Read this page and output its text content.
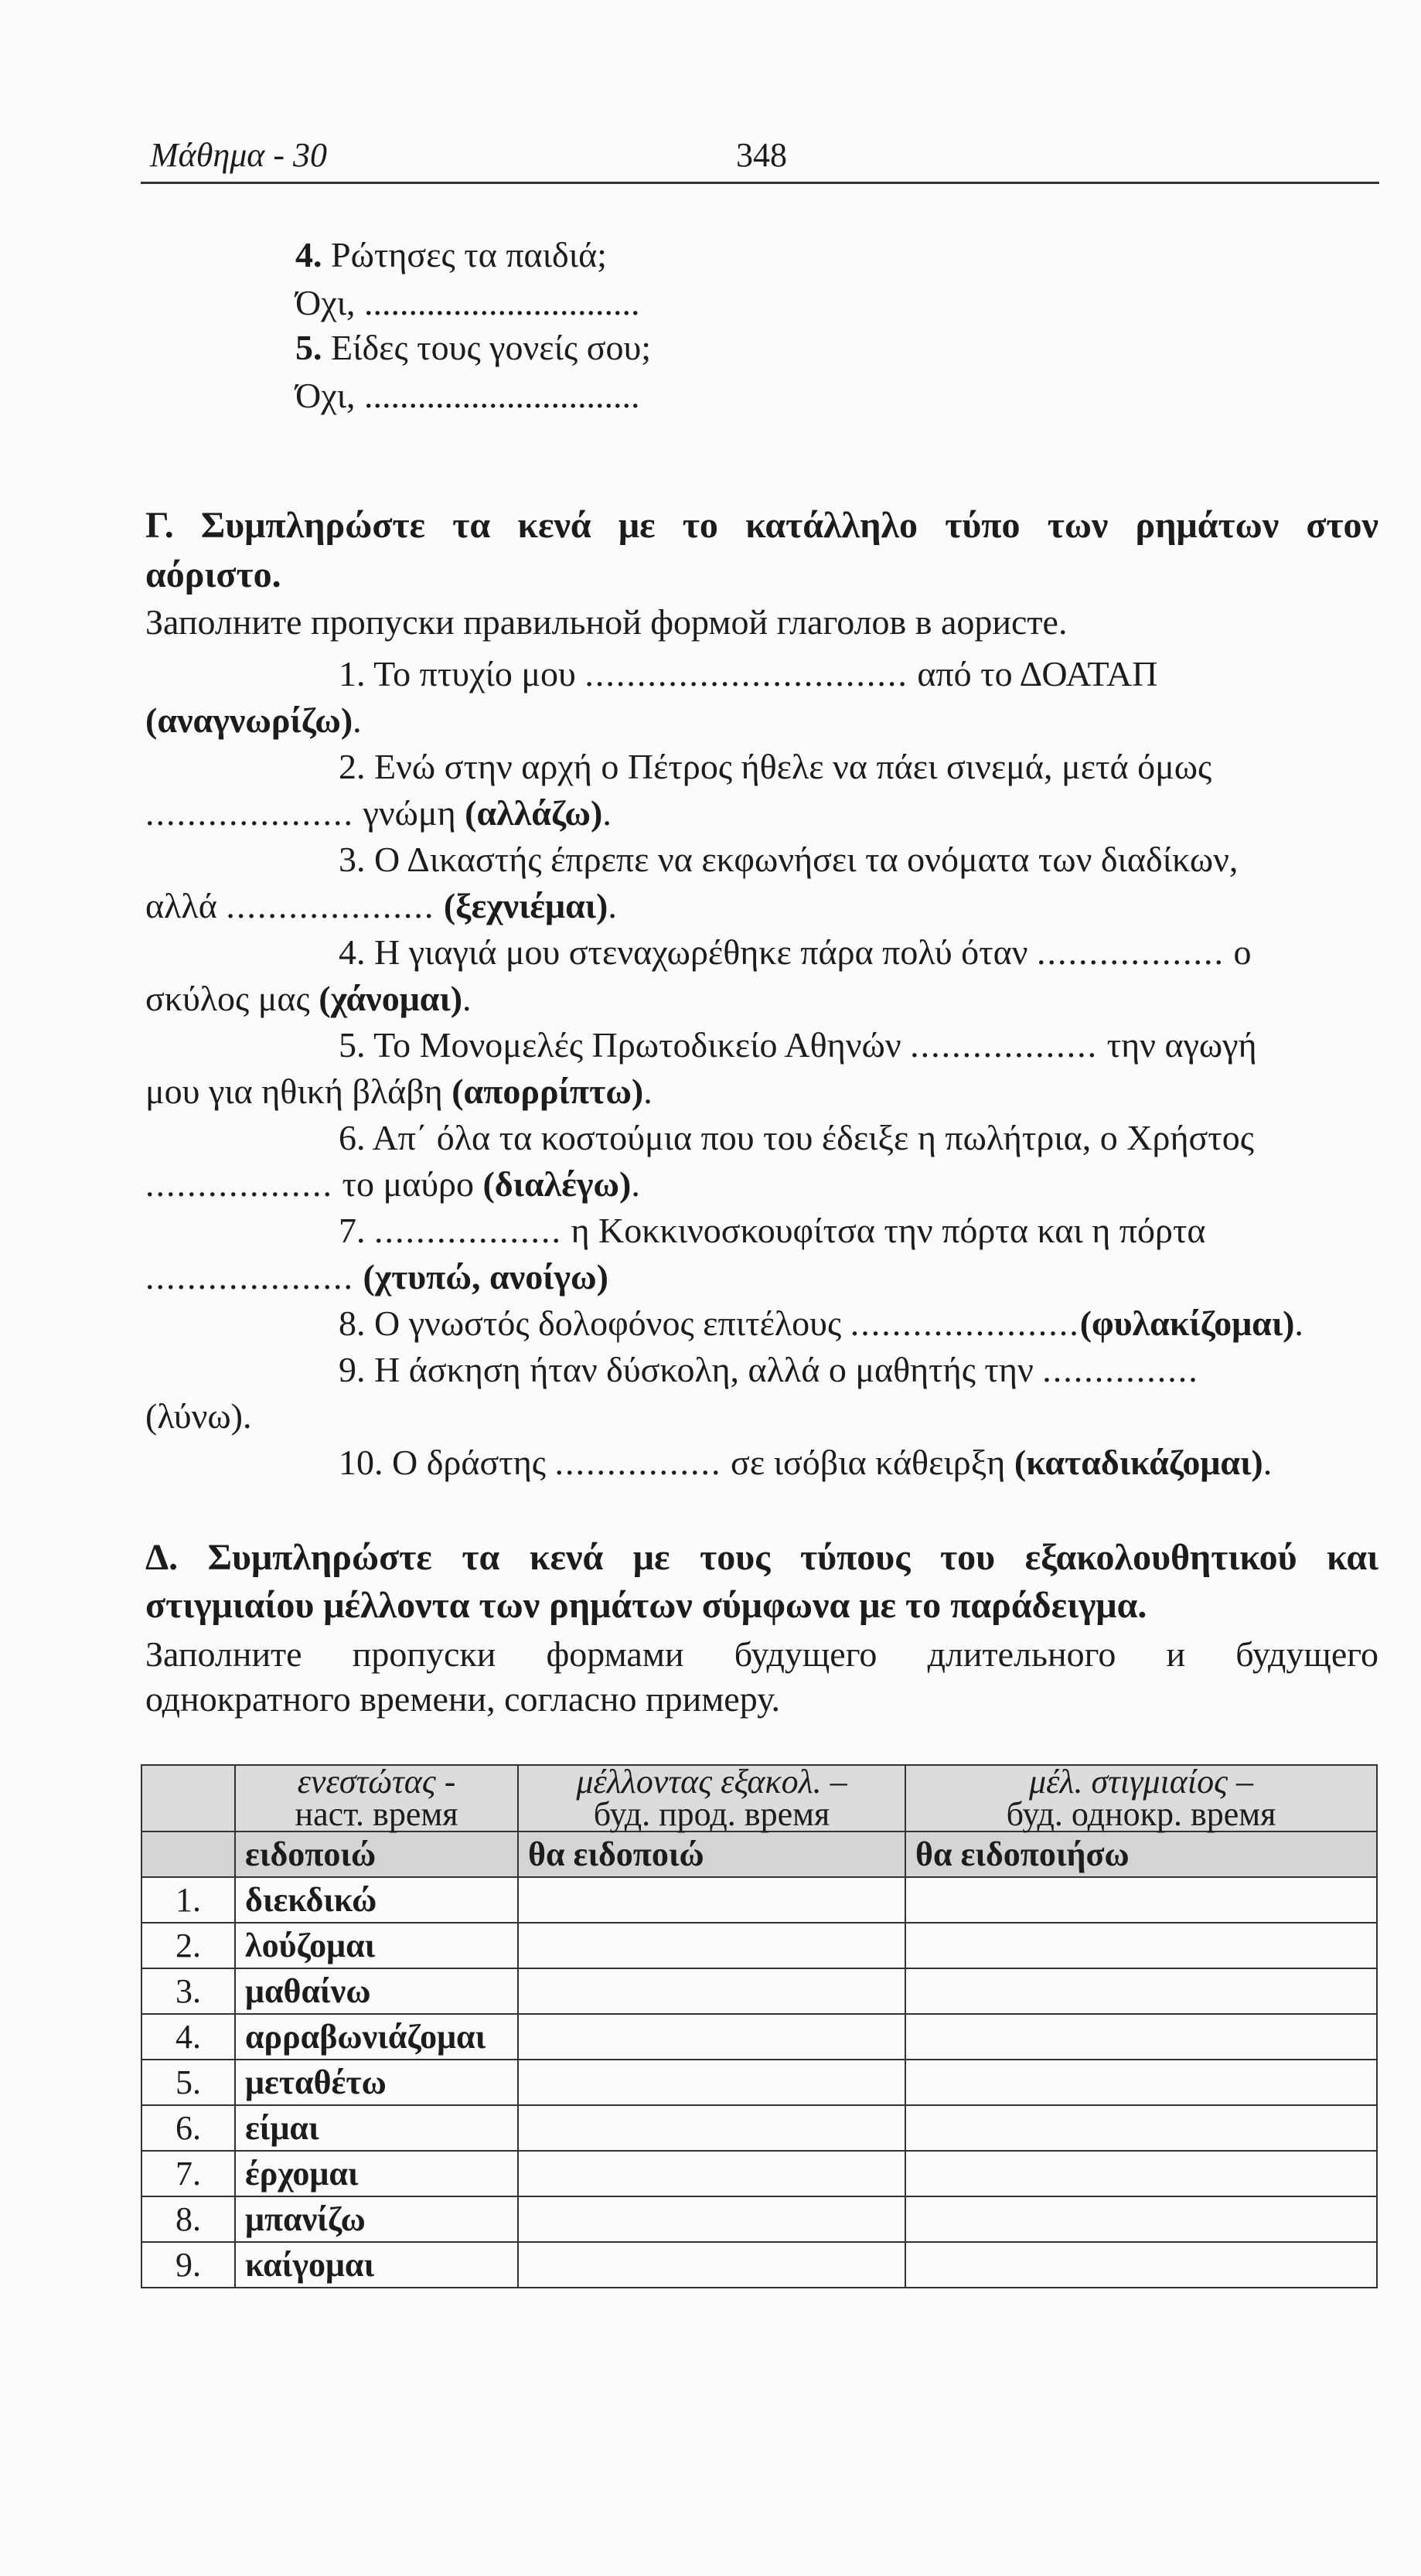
Μάθημα - 30	348
4. Ρώτησες τα παιδιά;
Όχι, ...............................
5. Είδες τους γονείς σου;
Όχι, ...............................
Γ. Συμπληρώστε τα κενά με το κατάλληλο τύπο των ρημάτων στον
αόριστο.
Заполните пропуски правильной формой глаголов в аористе.
1. Το πτυχίο μου ............................... από το ΔΟΑΤΑΠ
(αναγνωρίζω).
2. Ενώ στην αρχή ο Πέτρος ήθελε να πάει σινεμά, μετά όμως
.................... γνώμη (αλλάζω).
3. Ο Δικαστής έπρεπε να εκφωνήσει τα ονόματα των διαδίκων,
αλλά .................... (ξεχνιέμαι).
4. Η γιαγιά μου στεναχωρέθηκε πάρα πολύ όταν .................. ο
σκύλος μας (χάνομαι).
5. Το Μονομελές Πρωτοδικείο Αθηνών .................. την αγωγή
μου για ηθική βλάβη (απορρίπτω).
6. Απ΄ όλα τα κοστούμια που του έδειξε η πωλήτρια, ο Χρήστος
.................. το μαύρο (διαλέγω).
7. .................. η Κοκκινοσκουφίτσα την πόρτα και η πόρτα
.................... (χτυπώ, ανοίγω)
8. Ο γνωστός δολοφόνος επιτέλους ......................(φυλακίζομαι).
9. Η άσκηση ήταν δύσκολη, αλλά ο μαθητής την ...............
(λύνω).
10. Ο δράστης ................ σε ισόβια κάθειρξη (καταδικάζομαι).
Δ. Συμπληρώστε τα κενά με τους τύπους του εξακολουθητικού και
στιγμιαίου μέλλοντα των ρημάτων σύμφωνα με το παράδειγμα.
Заполните пропуски формами будущего длительного и будущего
однократного времени, согласно примеру.
	ενεστώτας -
наст. время	μέλλοντας εξακολ. –
буд. прод. время	μέλ. στιγμιαίος –
буд. однокр. время
	ειδοποιώ	θα ειδοποιώ	θα ειδοποιήσω
1.	διεκδικώ		
2.	λούζομαι		
3.	μαθαίνω		
4.	αρραβωνιάζομαι		
5.	μεταθέτω		
6.	είμαι		
7.	έρχομαι		
8.	μπανίζω		
9.	καίγομαι		
